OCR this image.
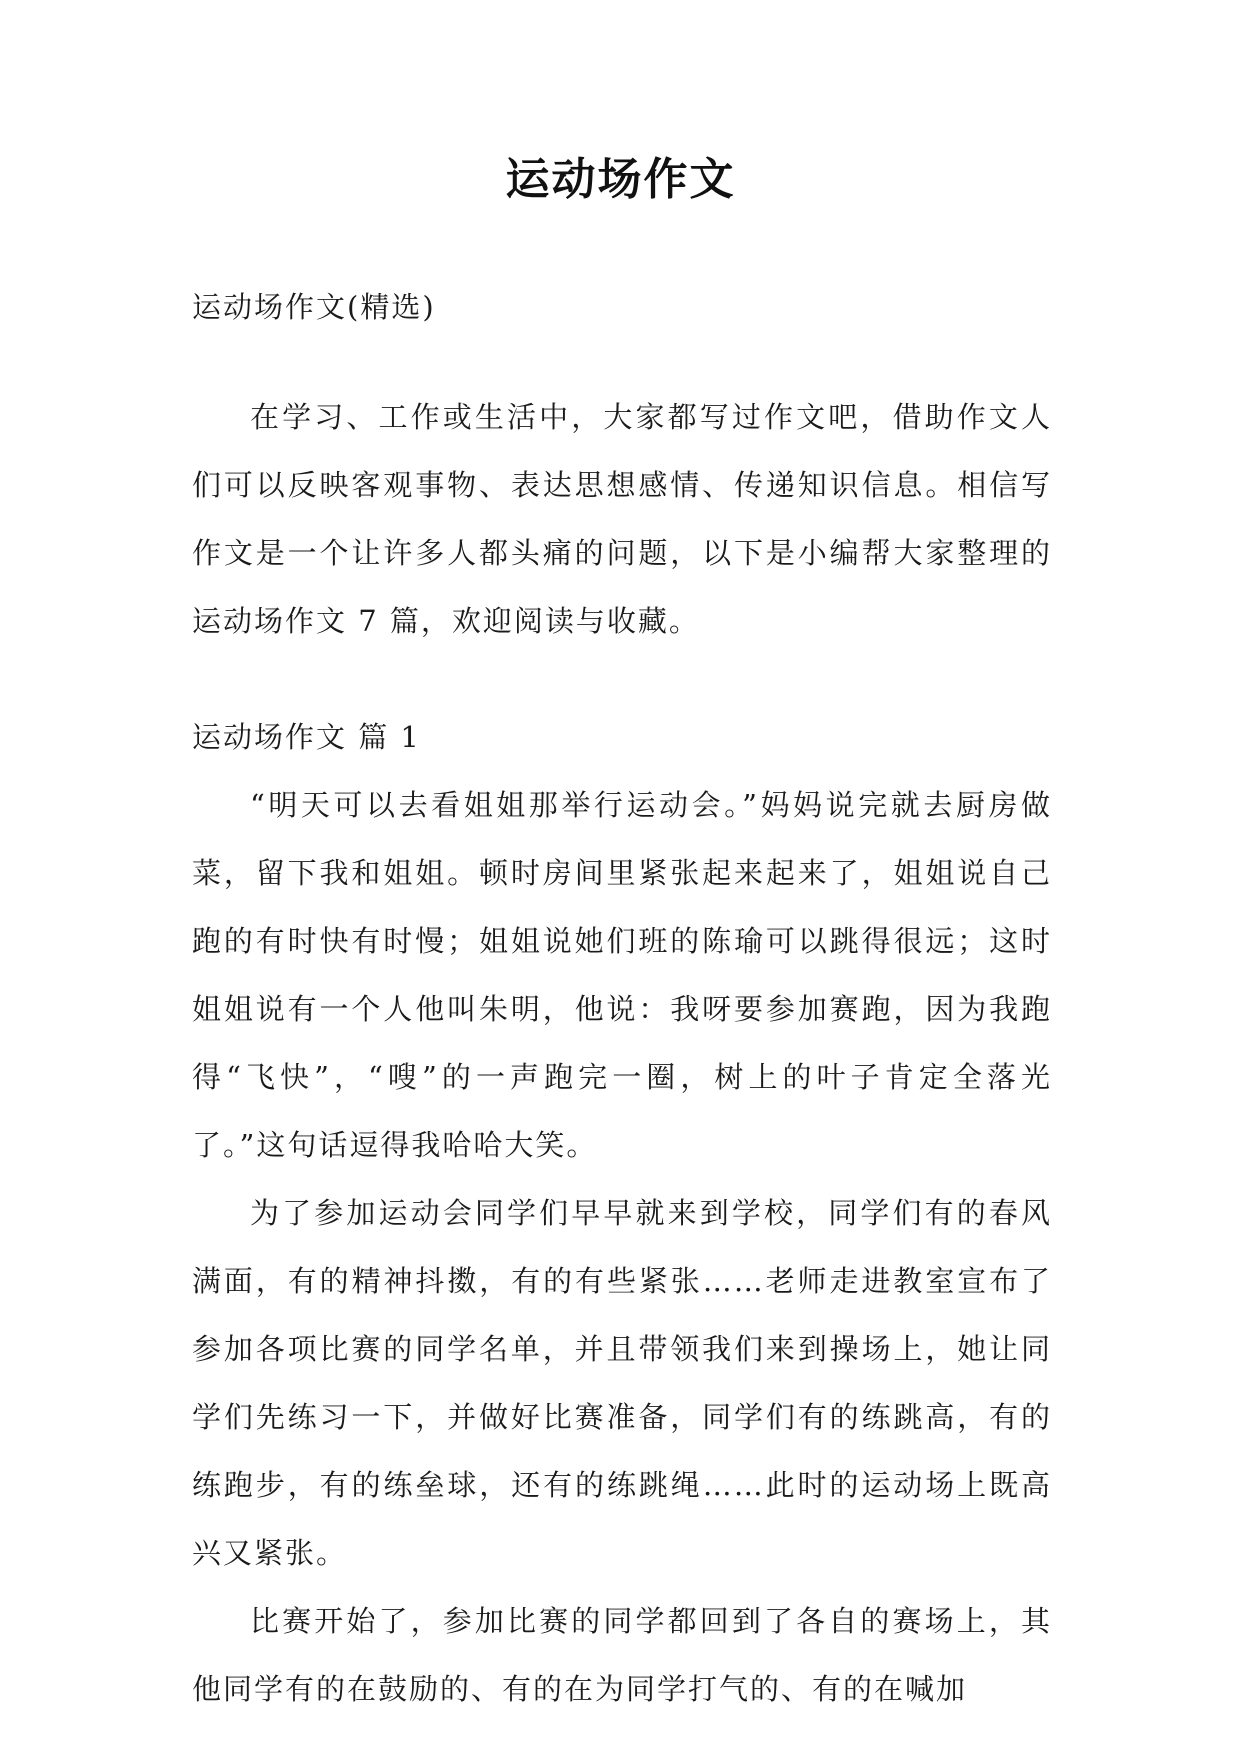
运动场作文
运动场作文(精选)

在学习、工作或生活中，大家都写过作文吧，借助作文人们可以反映客观事物、表达思想感情、传递知识信息。相信写作文是一个让许多人都头痛的问题，以下是小编帮大家整理的运动场作文 7 篇，欢迎阅读与收藏。

运动场作文 篇 1

“明天可以去看姐姐那举行运动会。”妈妈说完就去厨房做菜，留下我和姐姐。顿时房间里紧张起来起来了，姐姐说自己跑的有时快有时慢；姐姐说她们班的陈瑜可以跳得很远；这时姐姐说有一个人他叫朱明，他说：我呀要参加赛跑，因为我跑得“飞快”，“嗖”的一声跑完一圈，树上的叶子肯定全落光了。”这句话逗得我哈哈大笑。

为了参加运动会同学们早早就来到学校，同学们有的春风满面，有的精神抖擞，有的有些紧张……老师走进教室宣布了参加各项比赛的同学名单，并且带领我们来到操场上，她让同学们先练习一下，并做好比赛准备，同学们有的练跳高，有的练跑步，有的练垒球，还有的练跳绳……此时的运动场上既高兴又紧张。

比赛开始了，参加比赛的同学都回到了各自的赛场上，其他同学有的在鼓励的、有的在为同学打气的、有的在喊加
